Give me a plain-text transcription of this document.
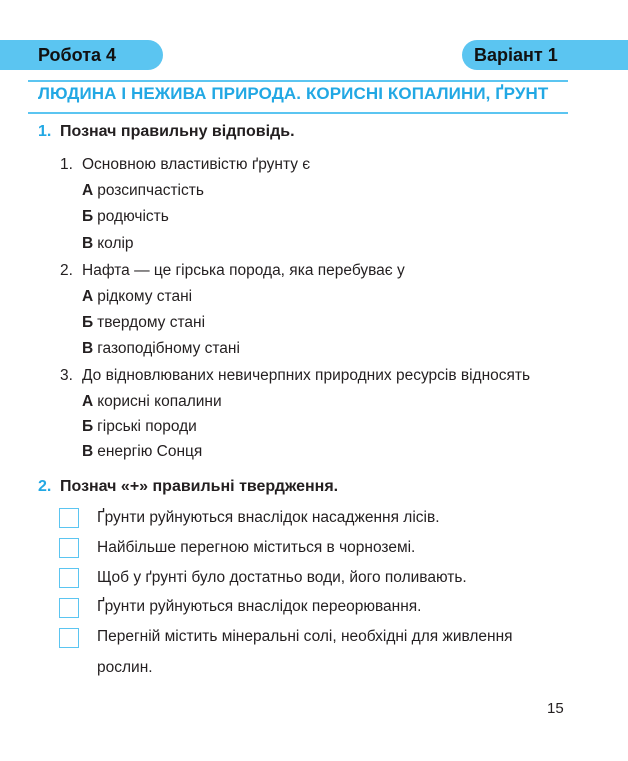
Робота 4	Варіант 1
ЛЮДИНА І НЕЖИВА ПРИРОДА. КОРИСНІ КОПАЛИНИ, ҐРУНТ
1. Познач правильну відповідь.
1. Основною властивістю ґрунту є
А розсипчастість
Б родючість
В колір
2. Нафта — це гірська порода, яка перебуває у
А рідкому стані
Б твердому стані
В газоподібному стані
3. До відновлюваних невичерпних природних ресурсів відносять
А корисні копалини
Б гірські породи
В енергію Сонця
2. Познач «+» правильні твердження.
Ґрунти руйнуються внаслідок насадження лісів.
Найбільше перегною міститься в чорноземі.
Щоб у ґрунті було достатньо води, його поливають.
Ґрунти руйнуються внаслідок переорювання.
Перегній містить мінеральні солі, необхідні для живлення
рослин.
15
